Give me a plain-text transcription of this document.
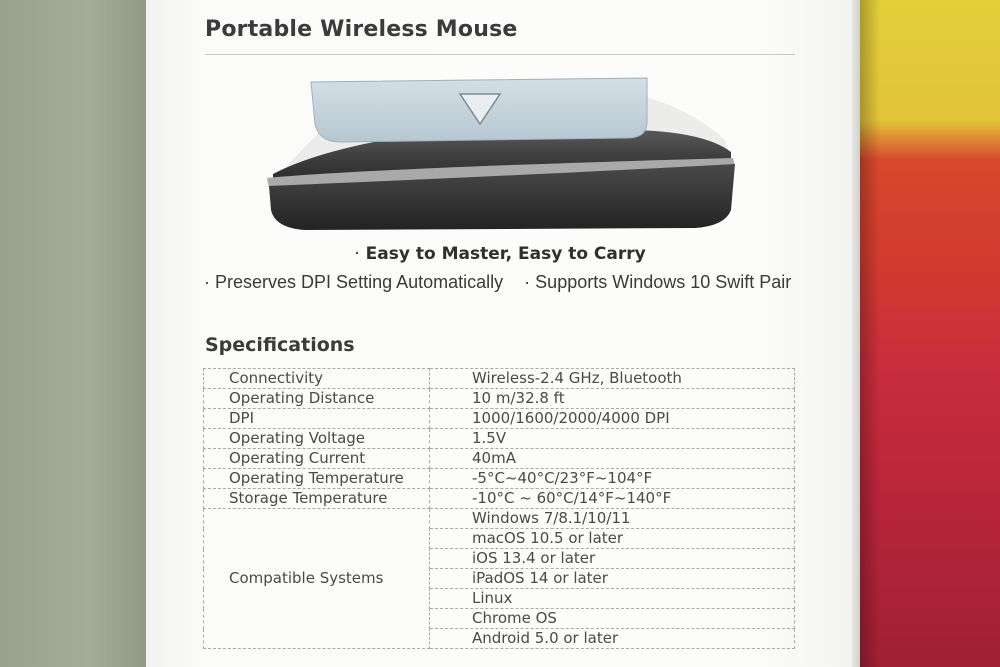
Portable Wireless Mouse
· Easy to Master, Easy to Carry
· Preserves DPI Setting Automatically · Supports Windows 10 Swift Pair
Specifications
Connectivity	Wireless-2.4 GHz, Bluetooth
Operating Distance	10 m/32.8 ft
DPI	1000/1600/2000/4000 DPI
Operating Voltage	1.5V
Operating Current	40mA
Operating Temperature	-5°C~40°C/23°F~104°F
Storage Temperature	-10°C ~ 60°C/14°F~140°F
Compatible Systems	Windows 7/8.1/10/11
	macOS 10.5 or later
	iOS 13.4 or later
	iPadOS 14 or later
	Linux
	Chrome OS
	Android 5.0 or later
